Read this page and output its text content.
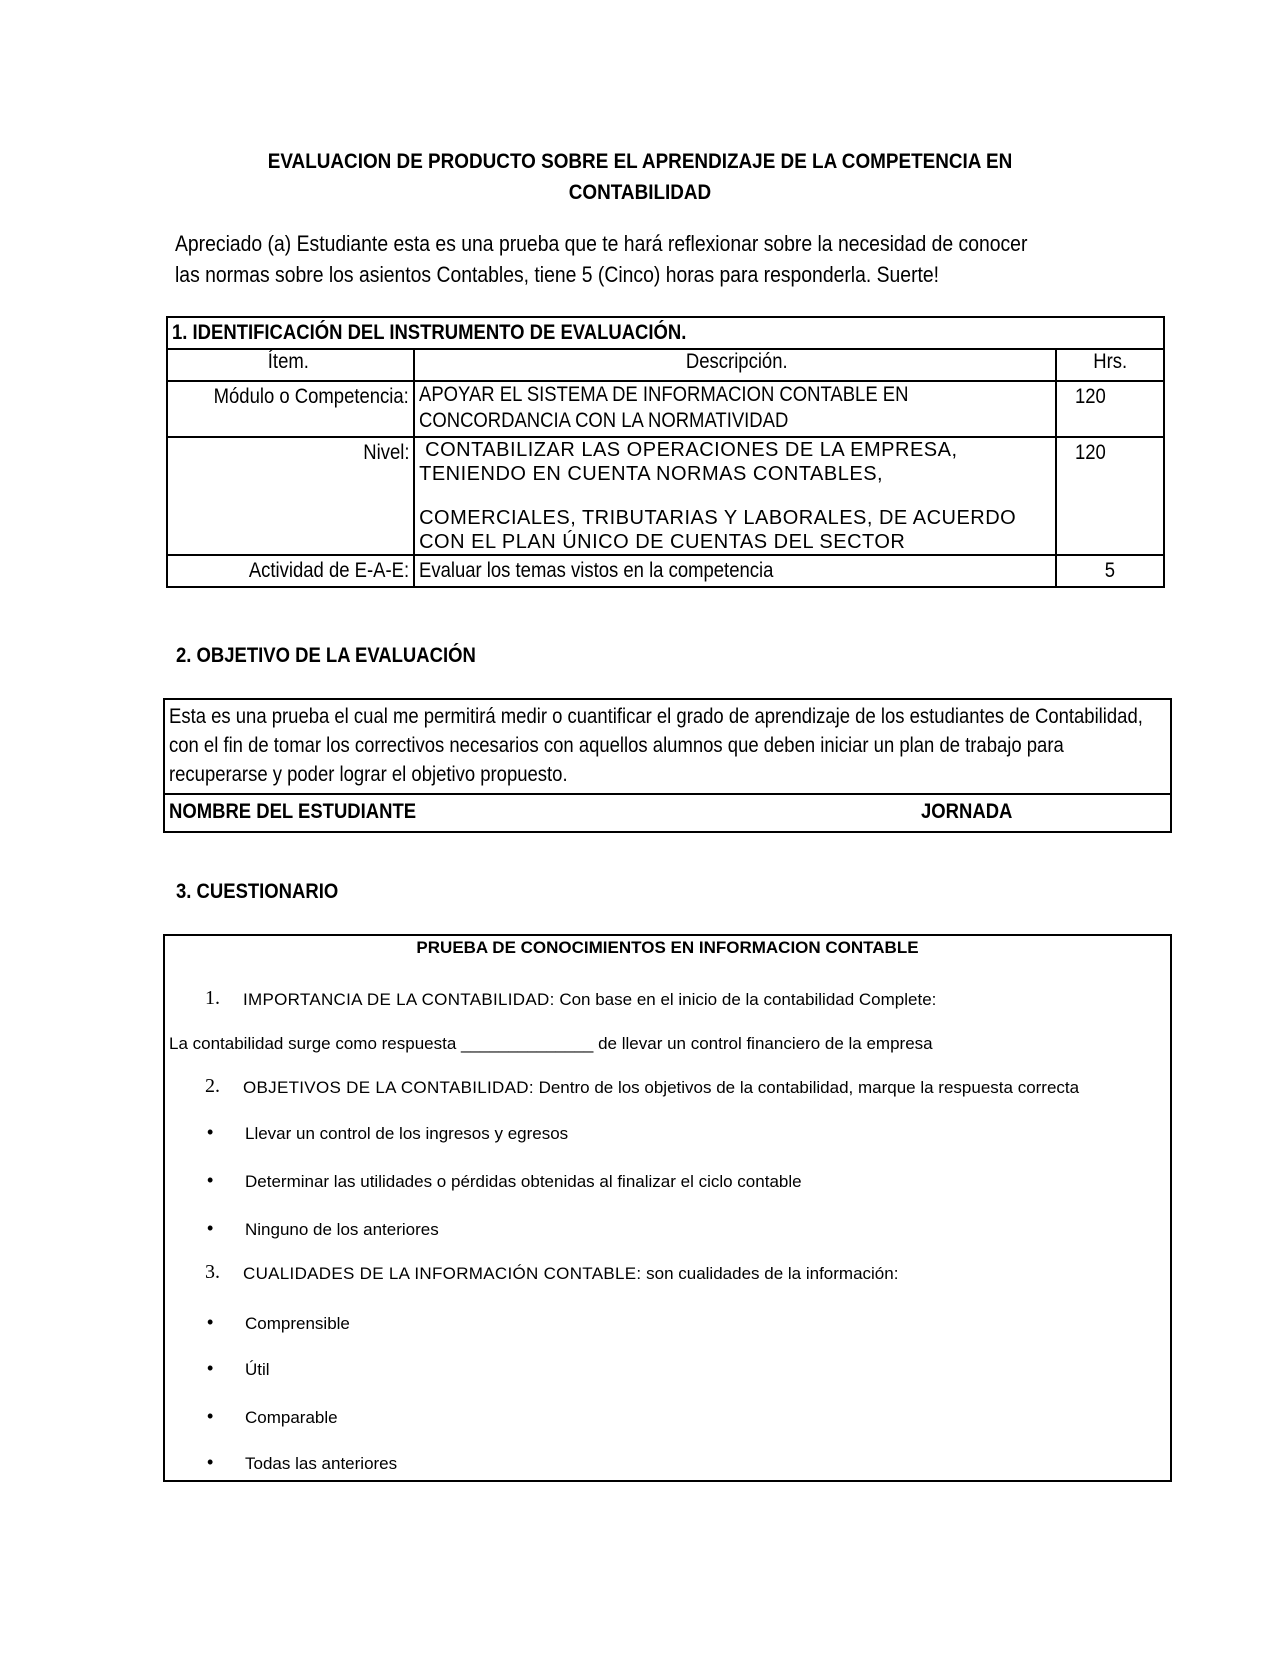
EVALUACION DE PRODUCTO SOBRE EL APRENDIZAJE DE LA COMPETENCIA EN
CONTABILIDAD
Apreciado (a) Estudiante esta es una prueba que te hará reflexionar sobre la necesidad de conocer
las normas sobre los asientos Contables, tiene 5 (Cinco) horas para responderla. Suerte!
1. IDENTIFICACIÓN DEL INSTRUMENTO DE EVALUACIÓN.		
Ítem.	Descripción.	Hrs.

Módulo o Competencia:	APOYAR EL SISTEMA DE INFORMACION CONTABLE EN
CONCORDANCIA CON LA NORMATIVIDAD	120

Nivel:	CONTABILIZAR LAS OPERACIONES DE LA EMPRESA,
TENIENDO EN CUENTA NORMAS CONTABLES,
COMERCIALES, TRIBUTARIAS Y LABORALES, DE ACUERDO
CON EL PLAN ÚNICO DE CUENTAS DEL SECTOR	120

Actividad de E-A-E:	Evaluar los temas vistos en la competencia	5
2. OBJETIVO DE LA EVALUACIÓN
Esta es una prueba el cual me permitirá medir o cuantificar el grado de aprendizaje de los estudiantes de Contabilidad,
con el fin de tomar los correctivos necesarios con aquellos alumnos que deben iniciar un plan de trabajo para
recuperarse y poder lograr el objetivo propuesto.
NOMBRE DEL ESTUDIANTE	JORNADA
3. CUESTIONARIO
PRUEBA DE CONOCIMIENTOS EN INFORMACION CONTABLE
1. IMPORTANCIA DE LA CONTABILIDAD: Con base en el inicio de la contabilidad Complete:
La contabilidad surge como respuesta ______________ de llevar un control financiero de la empresa
2. OBJETIVOS DE LA CONTABILIDAD: Dentro de los objetivos de la contabilidad, marque la respuesta correcta
• Llevar un control de los ingresos y egresos
• Determinar las utilidades o pérdidas obtenidas al finalizar el ciclo contable
• Ninguno de los anteriores
3. CUALIDADES DE LA INFORMACIÓN CONTABLE: son cualidades de la información:
• Comprensible
• Útil
• Comparable
• Todas las anteriores
